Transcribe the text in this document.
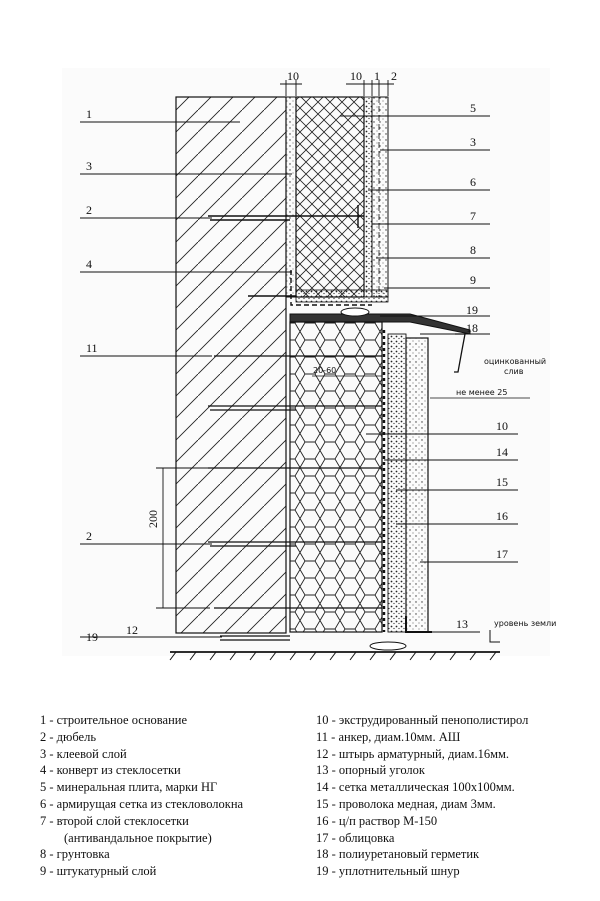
10	10 1 2
200
20-60
1
3
2
4
11
2
19 12
5
3
6
7
8
9
19
18
10
14
15
16
17
13
оцинкованный
слив
не менее 25
уровень земли
1 - строительное основание
2 - дюбель
3 - клеевой слой
4 - конверт из стеклосетки
5 - минеральная плита, марки НГ
6 - армирущая сетка из стекловолокна
7 - второй слой стеклосетки
(антивандальное покрытие)
8 - грунтовка
9 - штукатурный слой
10 - экструдированный пенополистирол
11 - анкер, диам.10мм. АШ
12 - штырь арматурный, диам.16мм.
13 - опорный уголок
14 - сетка металлическая 100x100мм.
15 - проволока медная, диам 3мм.
16 - ц/п раствор М-150
17 - облицовка
18 - полиуретановый герметик
19 - уплотнительный шнур
